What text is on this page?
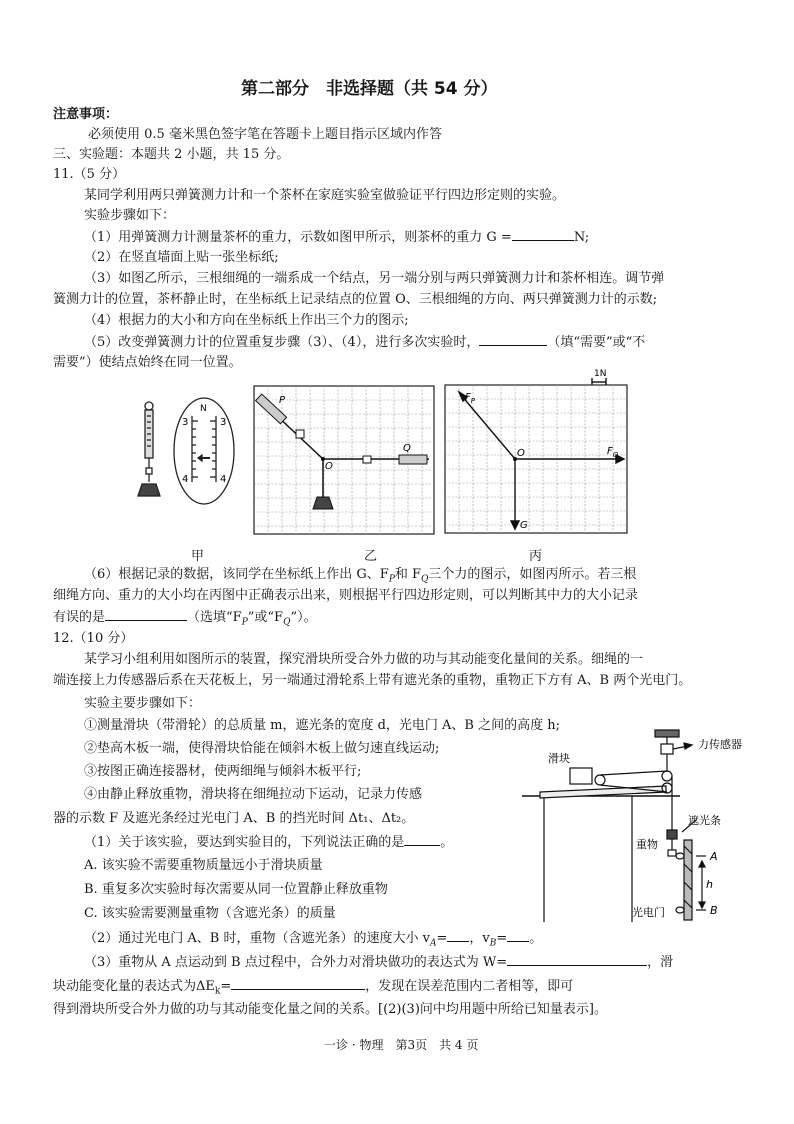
第二部分　非选择题（共 54 分）
注意事项：
必须使用 0.5 毫米黑色签字笔在答题卡上题目指示区域内作答
三、实验题：本题共 2 小题，共 15 分。
11.（5 分）
某同学利用两只弹簧测力计和一个茶杯在家庭实验室做验证平行四边形定则的实验。
实验步骤如下：
（1）用弹簧测力计测量茶杯的重力，示数如图甲所示，则茶杯的重力 G =	N;
（2）在竖直墙面上贴一张坐标纸;
（3）如图乙所示，三根细绳的一端系成一个结点，另一端分别与两只弹簧测力计和茶杯相连。调节弹
簧测力计的位置，茶杯静止时，在坐标纸上记录结点的位置 O、三根细绳的方向、两只弹簧测力计的示数;
（4）根据力的大小和方向在坐标纸上作出三个力的图示;
（5）改变弹簧测力计的位置重复步骤（3）、（4），进行多次实验时，	（填“需要”或“不
需要”）使结点始终在同一位置。
N
3	3
4	4
P
Q
O
1N
$F_P$
$F_Q$
O
G
甲	乙	丙
（6）根据记录的数据，该同学在坐标纸上作出 G、$F_P$和 $F_Q$三个力的图示，如图丙所示。若三根
细绳方向、重力的大小均在丙图中正确表示出来，则根据平行四边形定则，可以判断其中力的大小记录
有误的是	（选填“$F_P$”或“$F_Q$”）。
12.（10 分）
某学习小组利用如图所示的装置，探究滑块所受合外力做的功与其动能变化量间的关系。细绳的一
端连接上力传感器后系在天花板上，另一端通过滑轮系上带有遮光条的重物，重物正下方有 A、B 两个光电门。
实验主要步骤如下：
①测量滑块（带滑轮）的总质量 m，遮光条的宽度 d，光电门 A、B 之间的高度 h;
②垫高木板一端，使得滑块恰能在倾斜木板上做匀速直线运动;
③按图正确连接器材，使两细绳与倾斜木板平行;
④由静止释放重物，滑块将在细绳拉动下运动，记录力传感
器的示数 F 及遮光条经过光电门 A、B 的挡光时间 Δt₁、Δt₂。
（1）关于该实验，要达到实验目的，下列说法正确的是	。
A. 该实验不需要重物质量远小于滑块质量
B. 重复多次实验时每次需要从同一位置静止释放重物
C. 该实验需要测量重物（含遮光条）的质量
（2）通过光电门 A、B 时，重物（含遮光条）的速度大小 $v_A=$ ，$v_B=$ 。
（3）重物从 A 点运动到 B 点过程中，合外力对滑块做功的表达式为 W=	，滑
块动能变化量的表达式为$\Delta E_k=$	，发现在误差范围内二者相等，即可
得到滑块所受合外力做的功与其动能变化量之间的关系。[(2)(3)问中均用题中所给已知量表示]。
力传感器
滑块
遮光条
重物
光电门
A
B
h
一诊 · 物理　第3页　共 4 页
